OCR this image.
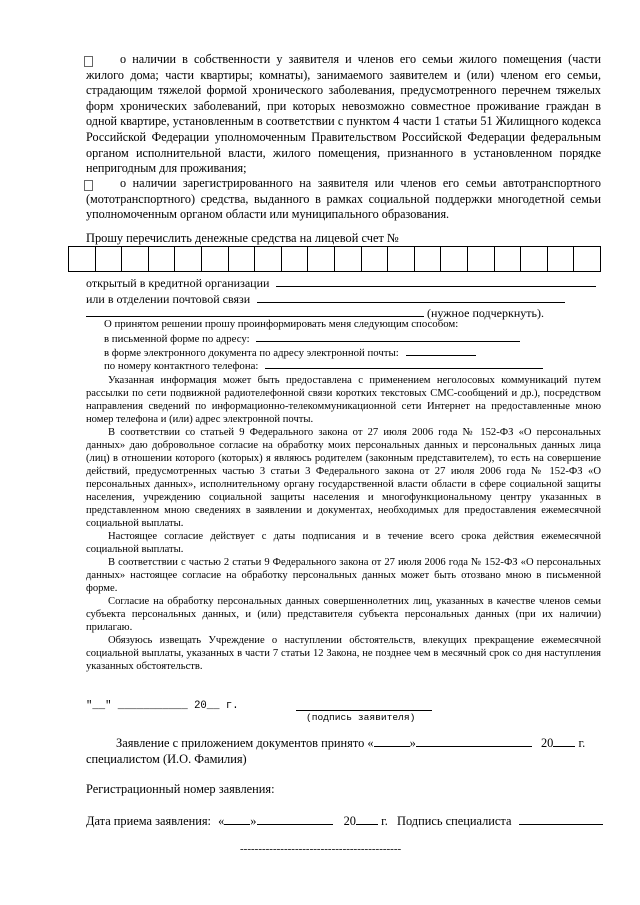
о наличии в собственности у заявителя и членов его семьи жилого помещения (части жилого дома; части квартиры; комнаты), занимаемого заявителем и (или) членом его семьи, страдающим тяжелой формой хронического заболевания, предусмотренного перечнем тяжелых форм хронических заболеваний, при которых невозможно совместное проживание граждан в одной квартире, установленным в соответствии с пунктом 4 части 1 статьи 51 Жилищного кодекса Российской Федерации уполномоченным Правительством Российской Федерации федеральным органом исполнительной власти, жилого помещения, признанного в установленном порядке непригодным для проживания;
о наличии зарегистрированного на заявителя или членов его семьи автотранспортного (мототранспортного) средства, выданного в рамках социальной поддержки многодетной семьи уполномоченным органом области или муниципального образования.
Прошу перечислить денежные средства на лицевой счет №
открытый в кредитной организации
или в отделении почтовой связи
(нужное подчеркнуть).
О принятом решении прошу проинформировать меня следующим способом:
в письменной форме по адресу:
в форме электронного документа по адресу электронной почты:
по номеру контактного телефона:

Указанная информация может быть предоставлена с применением неголосовых коммуникаций путем рассылки по сети подвижной радиотелефонной связи коротких текстовых СМС-сообщений и др.), посредством направления сведений по информационно-телекоммуникационной сети Интернет на предоставленные мною номер телефона и (или) адрес электронной почты.

В соответствии со статьей 9 Федерального закона от 27 июля 2006 года № 152-ФЗ «О персональных данных» даю добровольное согласие на обработку моих персональных данных и персональных данных лица (лиц) в отношении которого (которых) я являюсь родителем (законным представителем), то есть на совершение действий, предусмотренных частью 3 статьи 3 Федерального закона от 27 июля 2006 года № 152-ФЗ «О персональных данных», исполнительному органу государственной власти области в сфере социальной защиты населения, учреждению социальной защиты населения и многофункциональному центру указанных в представленном мною сведениях в заявлении и документах, необходимых для предоставления ежемесячной социальной выплаты.

Настоящее согласие действует с даты подписания и в течение всего срока действия ежемесячной социальной выплаты.

В соответствии с частью 2 статьи 9 Федерального закона от 27 июля 2006 года № 152-ФЗ «О персональных данных» настоящее согласие на обработку персональных данных может быть отозвано мною в письменной форме.

Согласие на обработку персональных данных совершеннолетних лиц, указанных в качестве членов семьи субъекта персональных данных, и (или) представителя субъекта персональных данных (при их наличии) прилагаю.

Обязуюсь извещать Учреждение о наступлении обстоятельств, влекущих прекращение ежемесячной социальной выплаты, указанных в части 7 статьи 12 Закона, не позднее чем в месячный срок со дня наступления указанных обстоятельств.

"__" ___________ 20__ г.
(подпись заявителя)
Заявление с приложением документов принято «	»	20 г.
специалистом (И.О. Фамилия)
Регистрационный номер заявления:
Дата приема заявления: « »	20 г. Подпись специалиста
--------------------------------------------
